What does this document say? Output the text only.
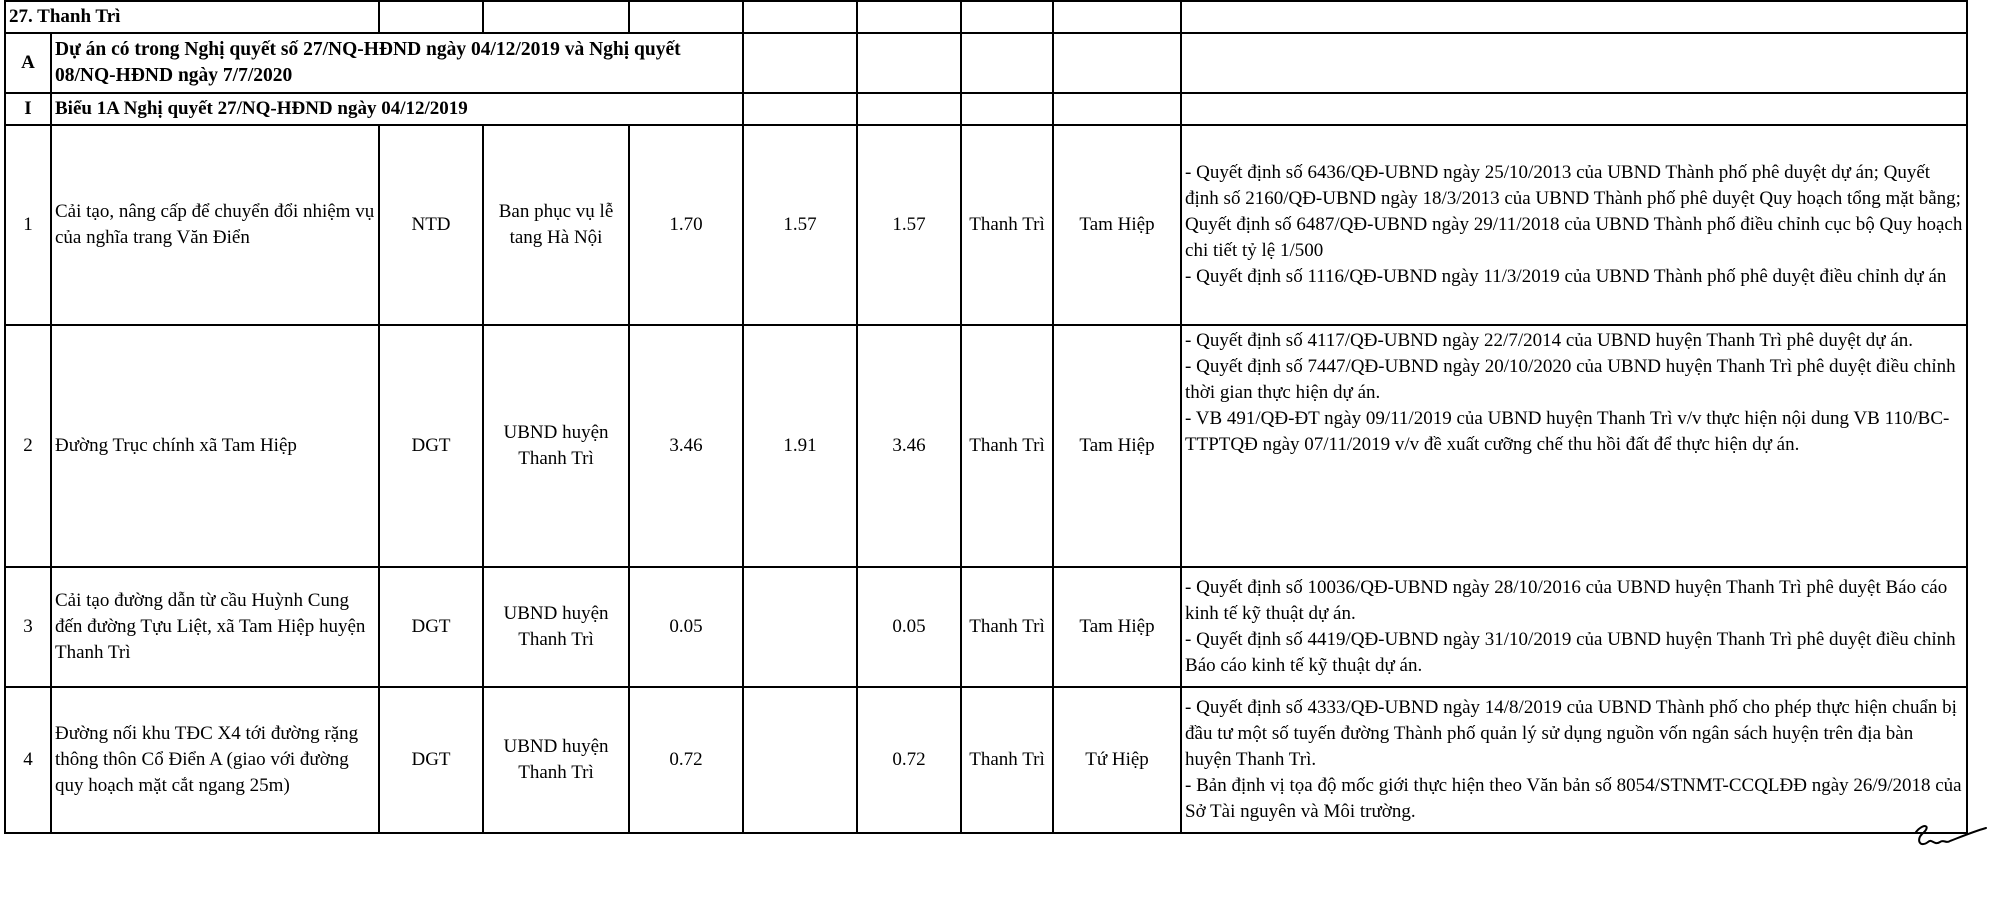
27. Thanh Trì									
A	Dự án có trong Nghị quyết số 27/NQ-HĐND ngày 04/12/2019 và Nghị quyết 08/NQ-HĐND ngày 7/7/2020								
I	Biểu 1A Nghị quyết 27/NQ-HĐND ngày 04/12/2019								
1	Cải tạo, nâng cấp để chuyển đổi nhiệm vụ của nghĩa trang Văn Điển	NTD	Ban phục vụ lễ tang Hà Nội	1.70	1.57	1.57	Thanh Trì	Tam Hiệp	- Quyết định số 6436/QĐ-UBND ngày 25/10/2013 của UBND Thành phố phê duyệt dự án; Quyết định số 2160/QĐ-UBND ngày 18/3/2013 của UBND Thành phố phê duyệt Quy hoạch tổng mặt bằng; Quyết định số 6487/QĐ-UBND ngày 29/11/2018 của UBND Thành phố điều chỉnh cục bộ Quy hoạch chi tiết tỷ lệ 1/500
- Quyết định số 1116/QĐ-UBND ngày 11/3/2019 của UBND Thành phố phê duyệt điều chỉnh dự án

2	Đường Trục chính xã Tam Hiệp	DGT	UBND huyện Thanh Trì	3.46	1.91	3.46	Thanh Trì	Tam Hiệp	- Quyết định số 4117/QĐ-UBND ngày 22/7/2014 của UBND huyện Thanh Trì phê duyệt dự án.
- Quyết định số 7447/QĐ-UBND ngày 20/10/2020 của UBND huyện Thanh Trì phê duyệt điều chỉnh thời gian thực hiện dự án.
- VB 491/QĐ-ĐT ngày 09/11/2019 của UBND huyện Thanh Trì v/v thực hiện nội dung VB 110/BC-TTPTQĐ ngày 07/11/2019 v/v đề xuất cưỡng chế thu hồi đất để thực hiện dự án.

3	Cải tạo đường dẫn từ cầu Huỳnh Cung đến đường Tựu Liệt, xã Tam Hiệp huyện Thanh Trì	DGT	UBND huyện Thanh Trì	0.05		0.05	Thanh Trì	Tam Hiệp	- Quyết định số 10036/QĐ-UBND ngày 28/10/2016 của UBND huyện Thanh Trì phê duyệt Báo cáo kinh tế kỹ thuật dự án.
- Quyết định số 4419/QĐ-UBND ngày 31/10/2019 của UBND huyện Thanh Trì phê duyệt điều chỉnh Báo cáo kinh tế kỹ thuật dự án.

4	Đường nối khu TĐC X4 tới đường rặng thông thôn Cổ Điển A (giao với đường quy hoạch mặt cắt ngang 25m)	DGT	UBND huyện Thanh Trì	0.72		0.72	Thanh Trì	Tứ Hiệp	- Quyết định số 4333/QĐ-UBND ngày 14/8/2019 của UBND Thành phố cho phép thực hiện chuẩn bị đầu tư một số tuyến đường Thành phố quản lý sử dụng nguồn vốn ngân sách huyện trên địa bàn huyện Thanh Trì.
- Bản định vị tọa độ mốc giới thực hiện theo Văn bản số 8054/STNMT-CCQLĐĐ ngày 26/9/2018 của Sở Tài nguyên và Môi trường.
